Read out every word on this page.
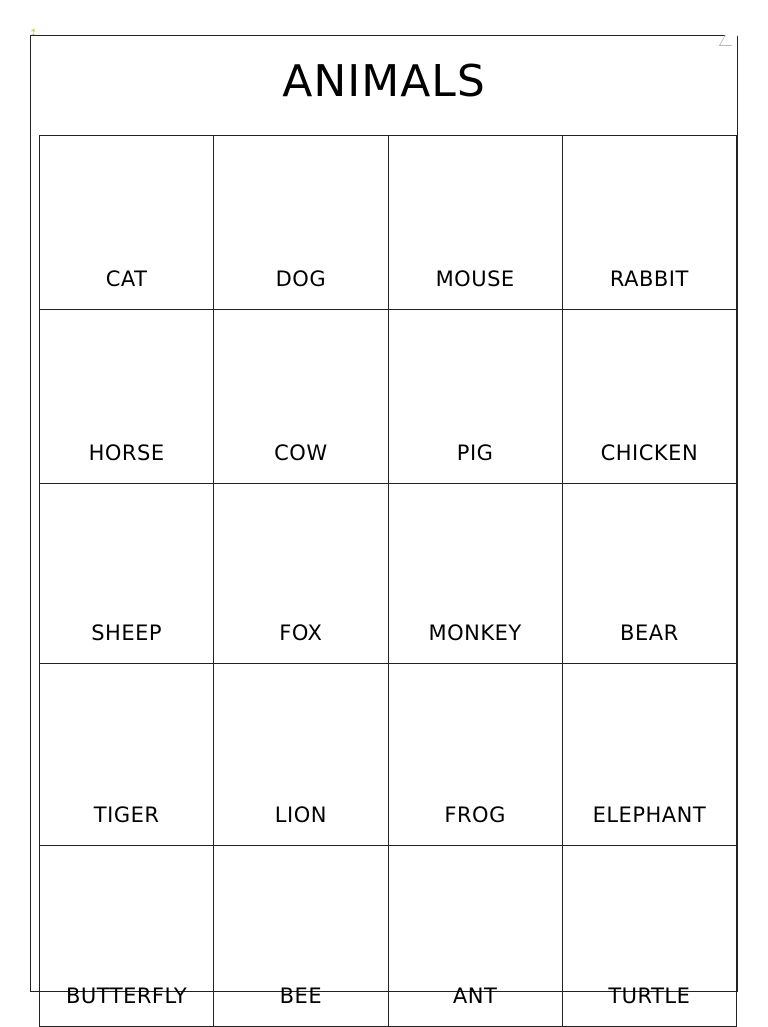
ANIMALS
CAT	DOG	MOUSE	RABBIT
HORSE	COW	PIG	CHICKEN
SHEEP	FOX	MONKEY	BEAR
TIGER	LION	FROG	ELEPHANT
BUTTERFLY	BEE	ANT	TURTLE
